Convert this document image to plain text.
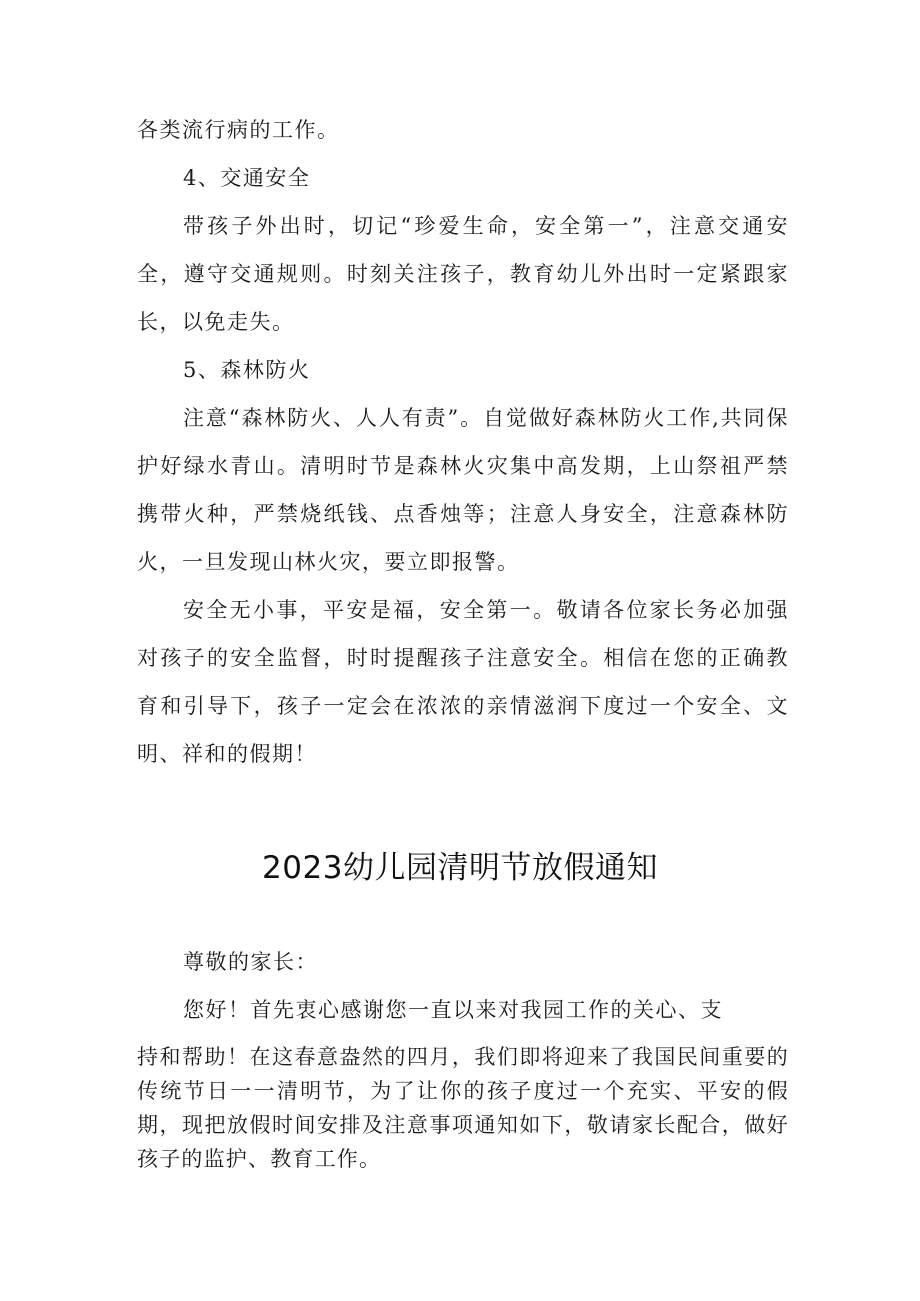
各类流行病的工作。

4、交通安全

带孩子外出时，切记“珍爱生命，安全第一”，注意交通安全，遵守交通规则。时刻关注孩子，教育幼儿外出时一定紧跟家长，以免走失。

5、森林防火

注意“森林防火、人人有责”。自觉做好森林防火工作,共同保护好绿水青山。清明时节是森林火灾集中高发期，上山祭祖严禁携带火种，严禁烧纸钱、点香烛等；注意人身安全，注意森林防火，一旦发现山林火灾，要立即报警。

安全无小事，平安是福，安全第一。敬请各位家长务必加强对孩子的安全监督，时时提醒孩子注意安全。相信在您的正确教育和引导下，孩子一定会在浓浓的亲情滋润下度过一个安全、文明、祥和的假期！

2023幼儿园清明节放假通知

尊敬的家长：

您好！首先衷心感谢您一直以来对我园工作的关心、支

持和帮助！在这春意盎然的四月，我们即将迎来了我国民间重要的传统节日一一清明节，为了让你的孩子度过一个充实、平安的假期，现把放假时间安排及注意事项通知如下，敬请家长配合，做好孩子的监护、教育工作。
